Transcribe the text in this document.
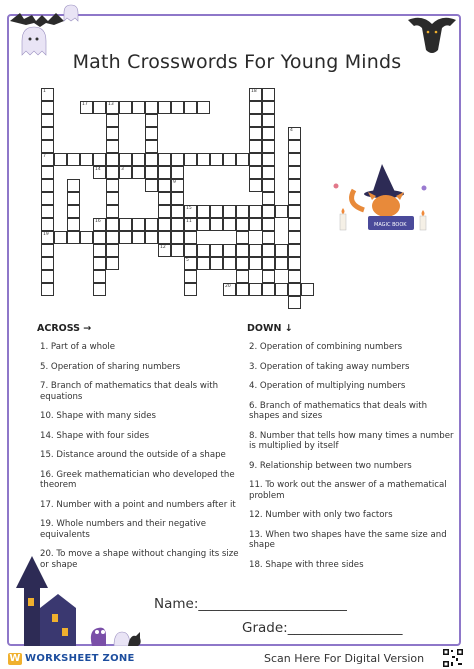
Math Crosswords For Young Minds
1
7
19
13
9
11
5
18
4
17
14	3
15
16
12
20
MAGIC BOOK
ACROSS →	DOWN ↓
1. Part of a whole
5. Operation of sharing numbers
7. Branch of mathematics that deals with equations
10. Shape with many sides
14. Shape with four sides
15. Distance around the outside of a shape
16. Greek mathematician who developed the theorem
17. Number with a point and numbers after it
19. Whole numbers and their negative equivalents
20. To move a shape without changing its size or shape
2. Operation of combining numbers
3. Operation of taking away numbers
4. Operation of multiplying numbers
6. Branch of mathematics that deals with shapes and sizes
8. Number that tells how many times a number is multiplied by itself
9. Relationship between two numbers
11. To work out the answer of a mathematical problem
12. Number with only two factors
13. When two shapes have the same size and shape
18. Shape with three sides
Name:______________________
Grade:_________________
W WORKSHEET ZONE	Scan Here For Digital Version
